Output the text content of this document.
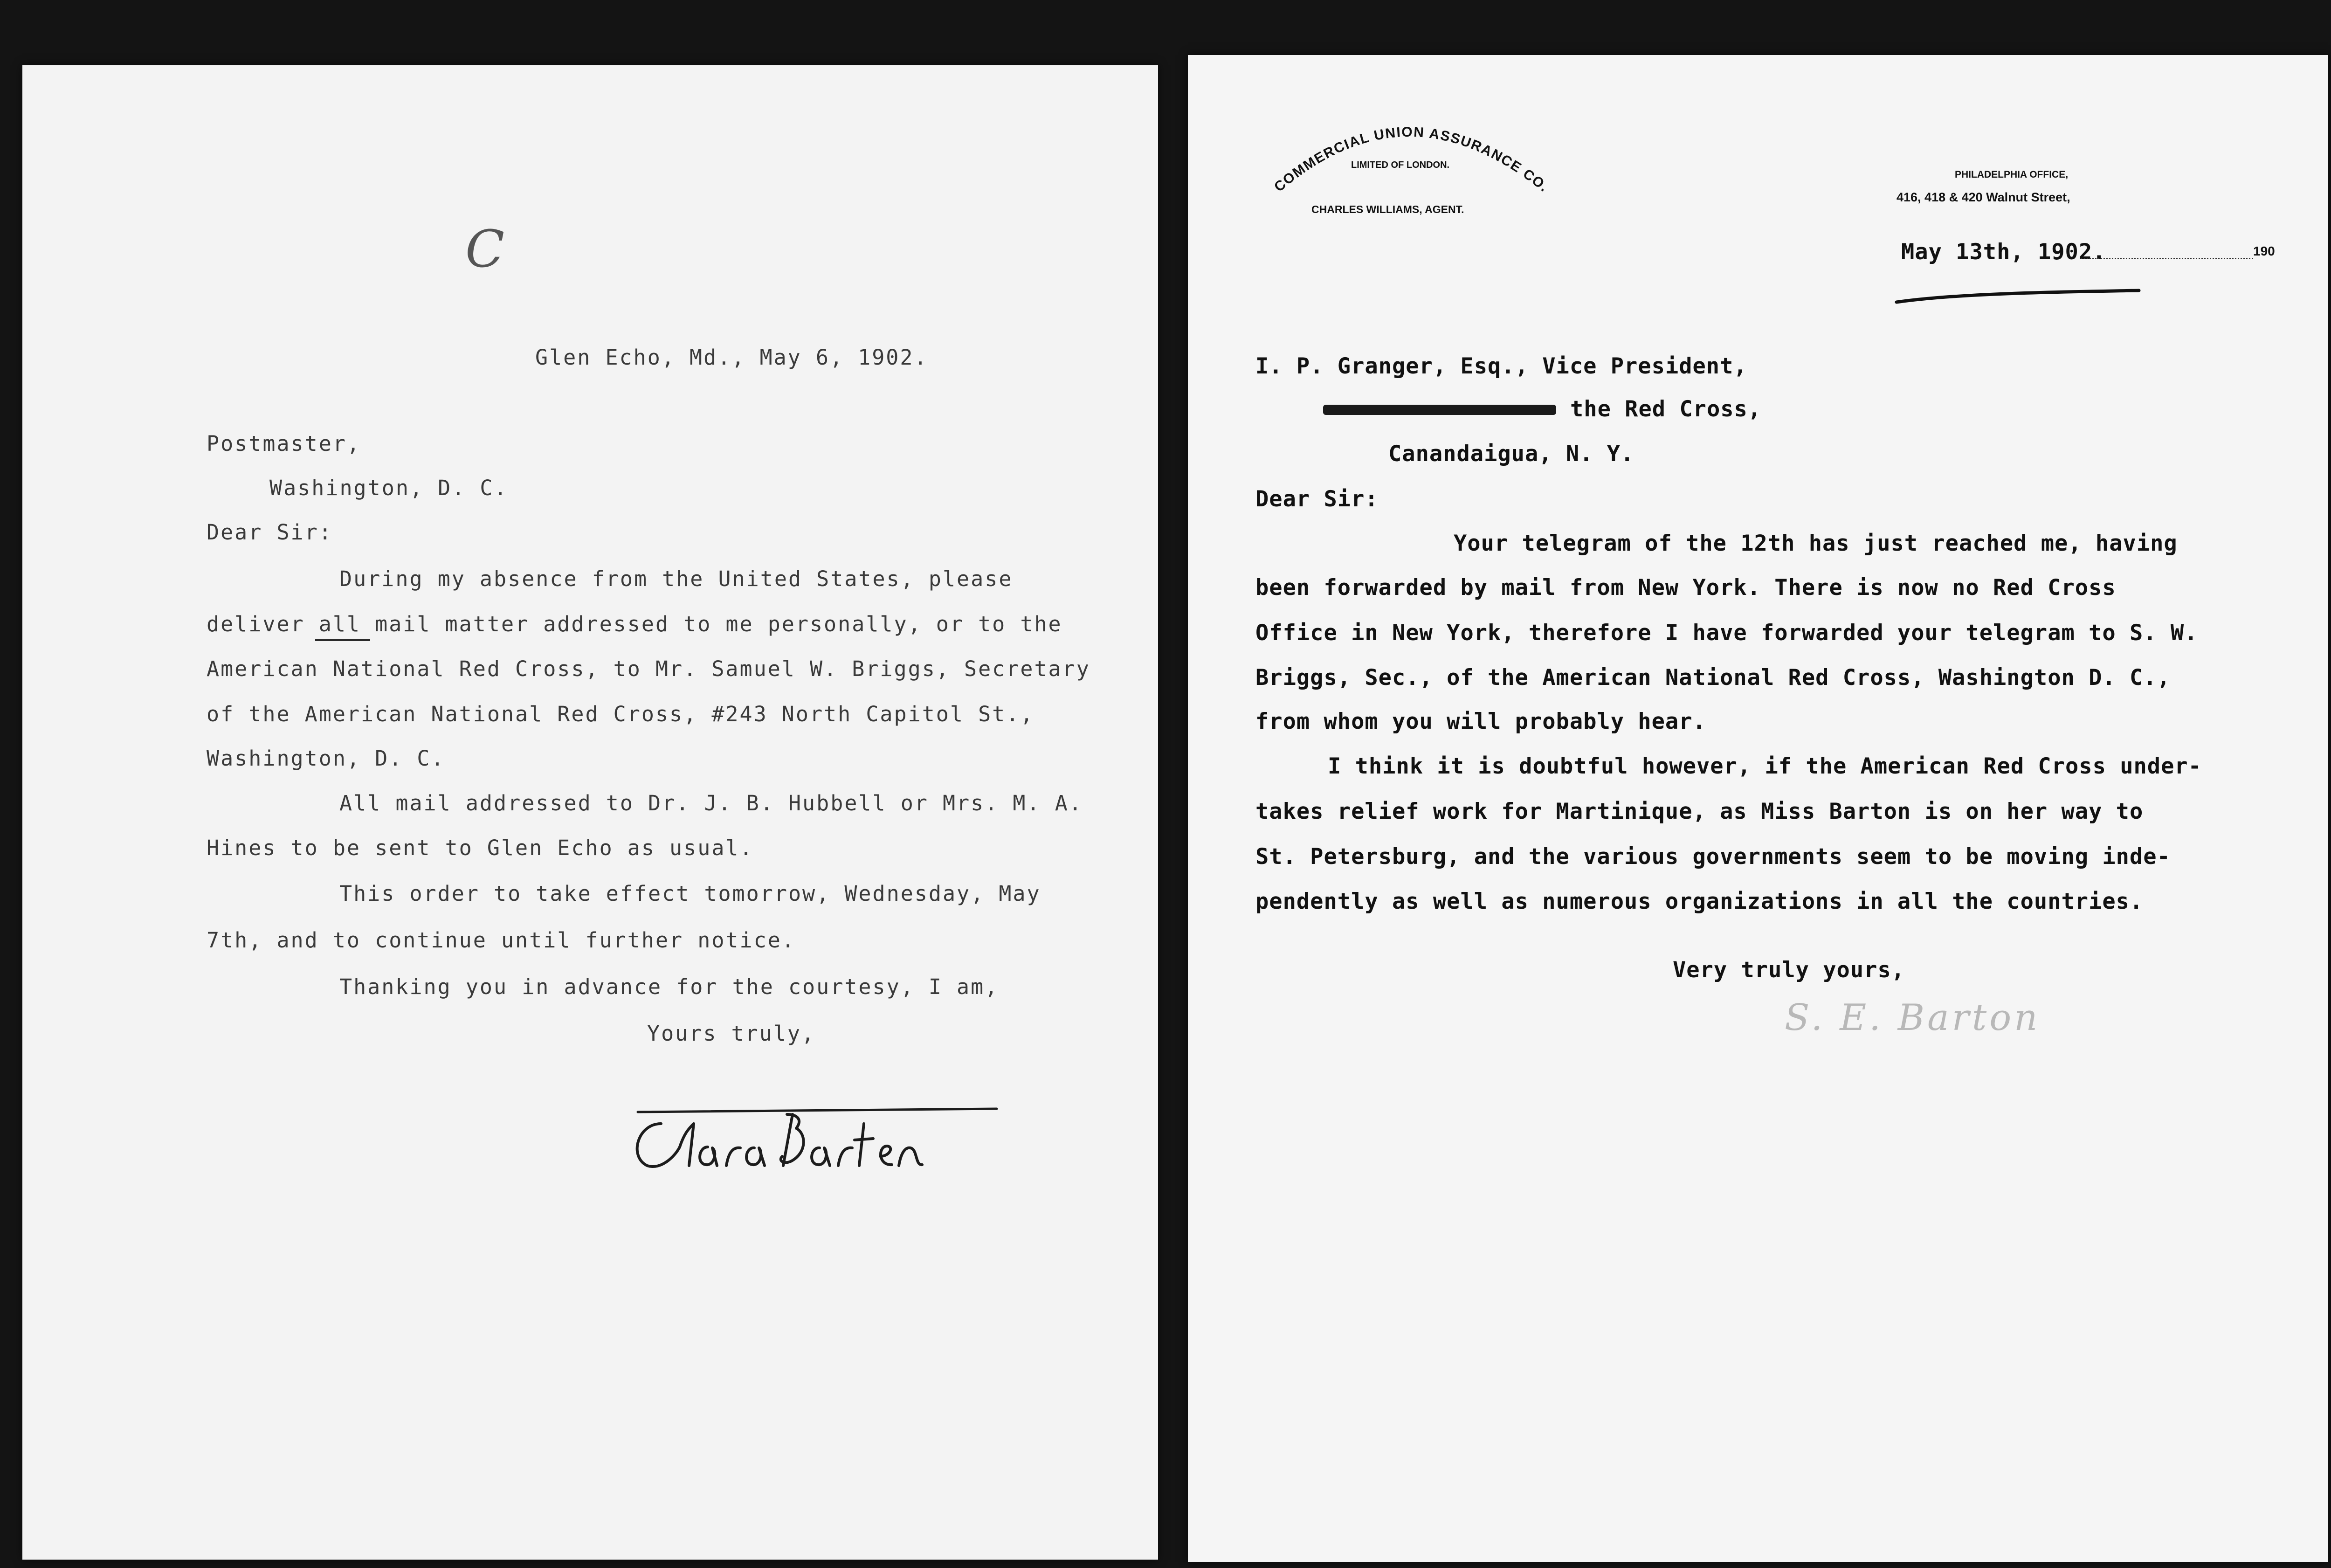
C
Glen Echo, Md., May 6, 1902.
Postmaster,
Washington, D. C.
Dear Sir:
During my absence from the United States, please
deliver all mail matter addressed to me personally, or to the
American National Red Cross, to Mr. Samuel W. Briggs, Secretary
of the American National Red Cross, #243 North Capitol St.,
Washington, D. C.
All mail addressed to Dr. J. B. Hubbell or Mrs. M. A.
Hines to be sent to Glen Echo as usual.
This order to take effect tomorrow, Wednesday, May
7th, and to continue until further notice.
Thanking you in advance for the courtesy, I am,
Yours truly,
COMMERCIAL UNION ASSURANCE CO.
LIMITED OF LONDON.
CHARLES WILLIAMS, AGENT.
PHILADELPHIA OFFICE,
416, 418 & 420 Walnut Street,
May 13th, 1902.	190
I. P. Granger, Esq., Vice President,
the Red Cross,
Canandaigua, N. Y.
Dear Sir:
Your telegram of the 12th has just reached me, having
been forwarded by mail from New York. There is now no Red Cross
Office in New York, therefore I have forwarded your telegram to S. W.
Briggs, Sec., of the American National Red Cross, Washington D. C.,
from whom you will probably hear.
I think it is doubtful however, if the American Red Cross under-
takes relief work for Martinique, as Miss Barton is on her way to
St. Petersburg, and the various governments seem to be moving inde-
pendently as well as numerous organizations in all the countries.
Very truly yours,
S. E. Barton
